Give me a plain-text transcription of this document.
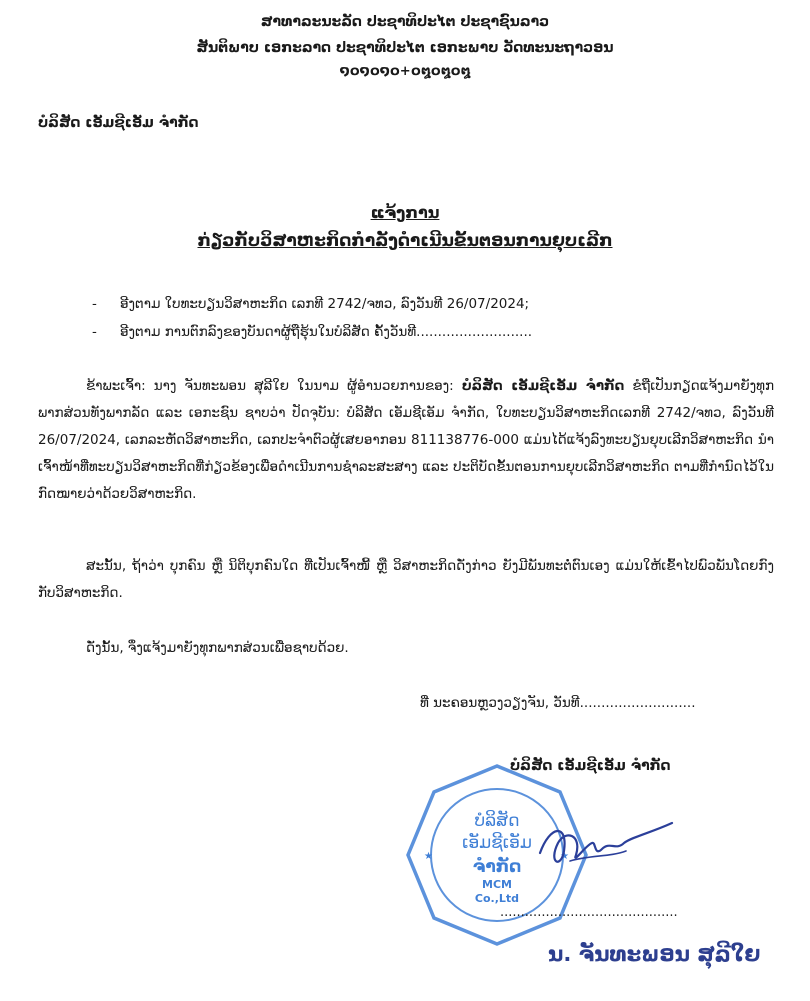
ສາທາລະນະລັດ ປະຊາທິປະໄຕ ປະຊາຊົນລາວ
ສັນຕິພາບ ເອກະລາດ ປະຊາທິປະໄຕ ເອກະພາບ ວັດທະນະຖາວອນ
໑໐໑໐໑໐+໐໘໐໘໐໘
ບໍລິສັດ ເອັມຊີເອັມ ຈໍາກັດ
ແຈ້ງການ
ກ່ຽວກັບວິສາຫະກິດກໍາລັງດໍາເນີນຂັ້ນຕອນການຍຸບເລີກ
- ອີງຕາມ ໃບທະບຽນວິສາຫະກິດ ເລກທີ 2742/ຈທວ, ລົງວັນທີ 26/07/2024;
- ອີງຕາມ ການຕົກລົງຂອງບັນດາຜູ້ຖືຮຸ້ນໃນບໍລິສັດ ຄັ້ງວັນທີ...........................
ຂ້າພະເຈົ້າ: ນາງ ຈັນທະພອນ ສຸລີໃຍ ໃນນາມ ຜູ້ອໍານວຍການຂອງ: ບໍລິສັດ ເອັມຊີເອັມ ຈໍາກັດ ຂໍຖືເປັນກຽດແຈ້ງມາຍັງທຸກພາກສ່ວນທັງພາກລັດ ແລະ ເອກະຊົນ ຊາບວ່າ ປັດຈຸບັນ: ບໍລິສັດ ເອັມຊີເອັມ ຈໍາກັດ, ໃບທະບຽນວິສາຫະກິດເລກທີ 2742/ຈທວ, ລົງວັນທີ 26/07/2024, ເລກລະຫັດວິສາຫະກິດ, ເລກປະຈໍາຕົວຜູ້ເສຍອາກອນ 811138776-000 ແມ່ນໄດ້ແຈ້ງລົງທະບຽນຍຸບເລີກວິສາຫະກິດ ນໍາເຈົ້າໜ້າທີ່ທະບຽນວິສາຫະກິດທີ່ກ່ຽວຂ້ອງເພື່ອດໍາເນີນການຊໍາລະສະສາງ ແລະ ປະຕິບັດຂັ້ນຕອນການຍຸບເລີກວິສາຫະກິດ ຕາມທີ່ກໍານົດໄວ້ໃນກົດໝາຍວ່າດ້ວຍວິສາຫະກິດ.
ສະນັ້ນ, ຖ້າວ່າ ບຸກຄົນ ຫຼື ນິຕິບຸກຄົນໃດ ທີ່ເປັນເຈົ້າໜີ້ ຫຼື ວິສາຫະກິດດັ່ງກ່າວ ຍັງມີພັນທະຕໍ່ຕົນເອງ ແມ່ນໃຫ້ເຂົ້າໄປພົວພັນໂດຍກົງກັບວິສາຫະກິດ.
ດັ່ງນັ້ນ, ຈຶ່ງແຈ້ງມາຍັງທຸກພາກສ່ວນເພື່ອຊາບດ້ວຍ.
ທີ່ ນະຄອນຫຼວງວຽງຈັນ, ວັນທີ...........................
ບໍລິສັດ ເອັມຊີເອັມ ຈໍາກັດ
★	★
ບໍລິສັດ
ເອັມຊີເອັມ
ຈໍາກັດ
MCM
Co.,Ltd
...........................................
ນ. ຈັນທະພອນ ສຸລີໃຍ
